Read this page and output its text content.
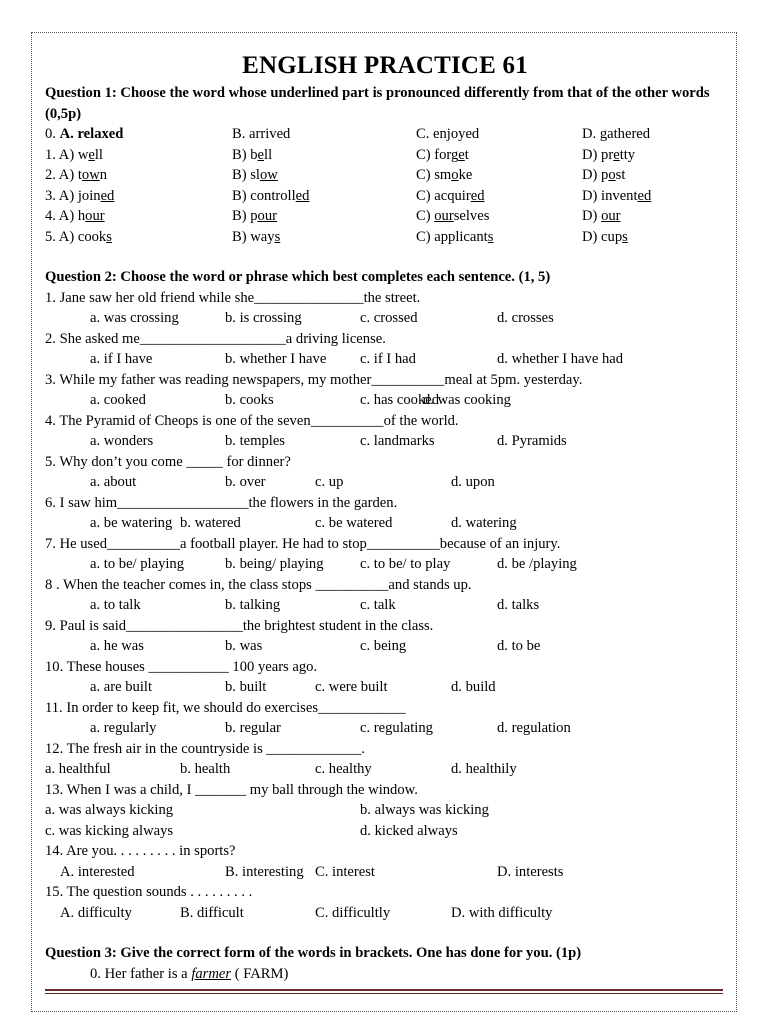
ENGLISH PRACTICE 61
Question 1: Choose the word whose underlined part is pronounced differently from that of the other words (0,5p)
0. A. relaxed	B. arrived	C. enjoyed	D. gathered
1. A) well	B) bell	C) forget	D) pretty
2. A) town	B) slow	C) smoke	D) post
3. A) joined	B) controlled	C) acquired	D) invented
4. A) hour	B) pour	C) ourselves	D) our
5. A) cooks	B) ways	C) applicants	D) cups
Question 2: Choose the word or phrase which best completes each sentence. (1, 5)
1. Jane saw her old friend while she_______________the street.
a. was crossing	b. is crossing	c. crossed	d. crosses
2. She asked me____________________a driving license.
a. if I have	b. whether I have c. if I had	d. whether I have had
3. While my father was reading newspapers, my mother__________meal at 5pm. yesterday.
a. cooked	b. cooks	c. has cooked
d. was cooking
4. The Pyramid of Cheops is one of the seven__________of the world.
a. wonders	b. temples	c. landmarks	d. Pyramids
5. Why don’t you come _____ for dinner?
a. about	b. over	c. up	d. upon
6. I saw him__________________the flowers in the garden.
a. be watering b. watered	c. be watered	d. watering
7. He used__________a football player. He had to stop__________because of an injury.
a. to be/ playing	b. being/ playing	c. to be/ to play	d. be /playing
8 . When the teacher comes in, the class stops __________and stands up.
a. to talk	b. talking	c. talk	d. talks
9. Paul is said________________the brightest student in the class.
a. he was	b. was	c. being	d. to be
10. These houses ___________ 100 years ago.
a. are built	b. built	c. were built	d. build
11. In order to keep fit, we should do exercises____________
a. regularly	b. regular	c. regulating	d. regulation
12. The fresh air in the countryside is _____________.
a. healthful	b. health	c. healthy	d. healthily
13. When I was a child, I _______ my ball through the window.
a. was always kicking	b. always was kicking
c. was kicking always	d. kicked always
14. Are you. . . . . . . . . in sports?
A. interested	B. interesting C. interest	D. interests
15. The question sounds . . . . . . . . .
A. difficulty	B. difficult	C. difficultly	D. with difficulty
Question 3: Give the correct form of the words in brackets. One has done for you. (1p)
0. Her father is a farmer ( FARM)
